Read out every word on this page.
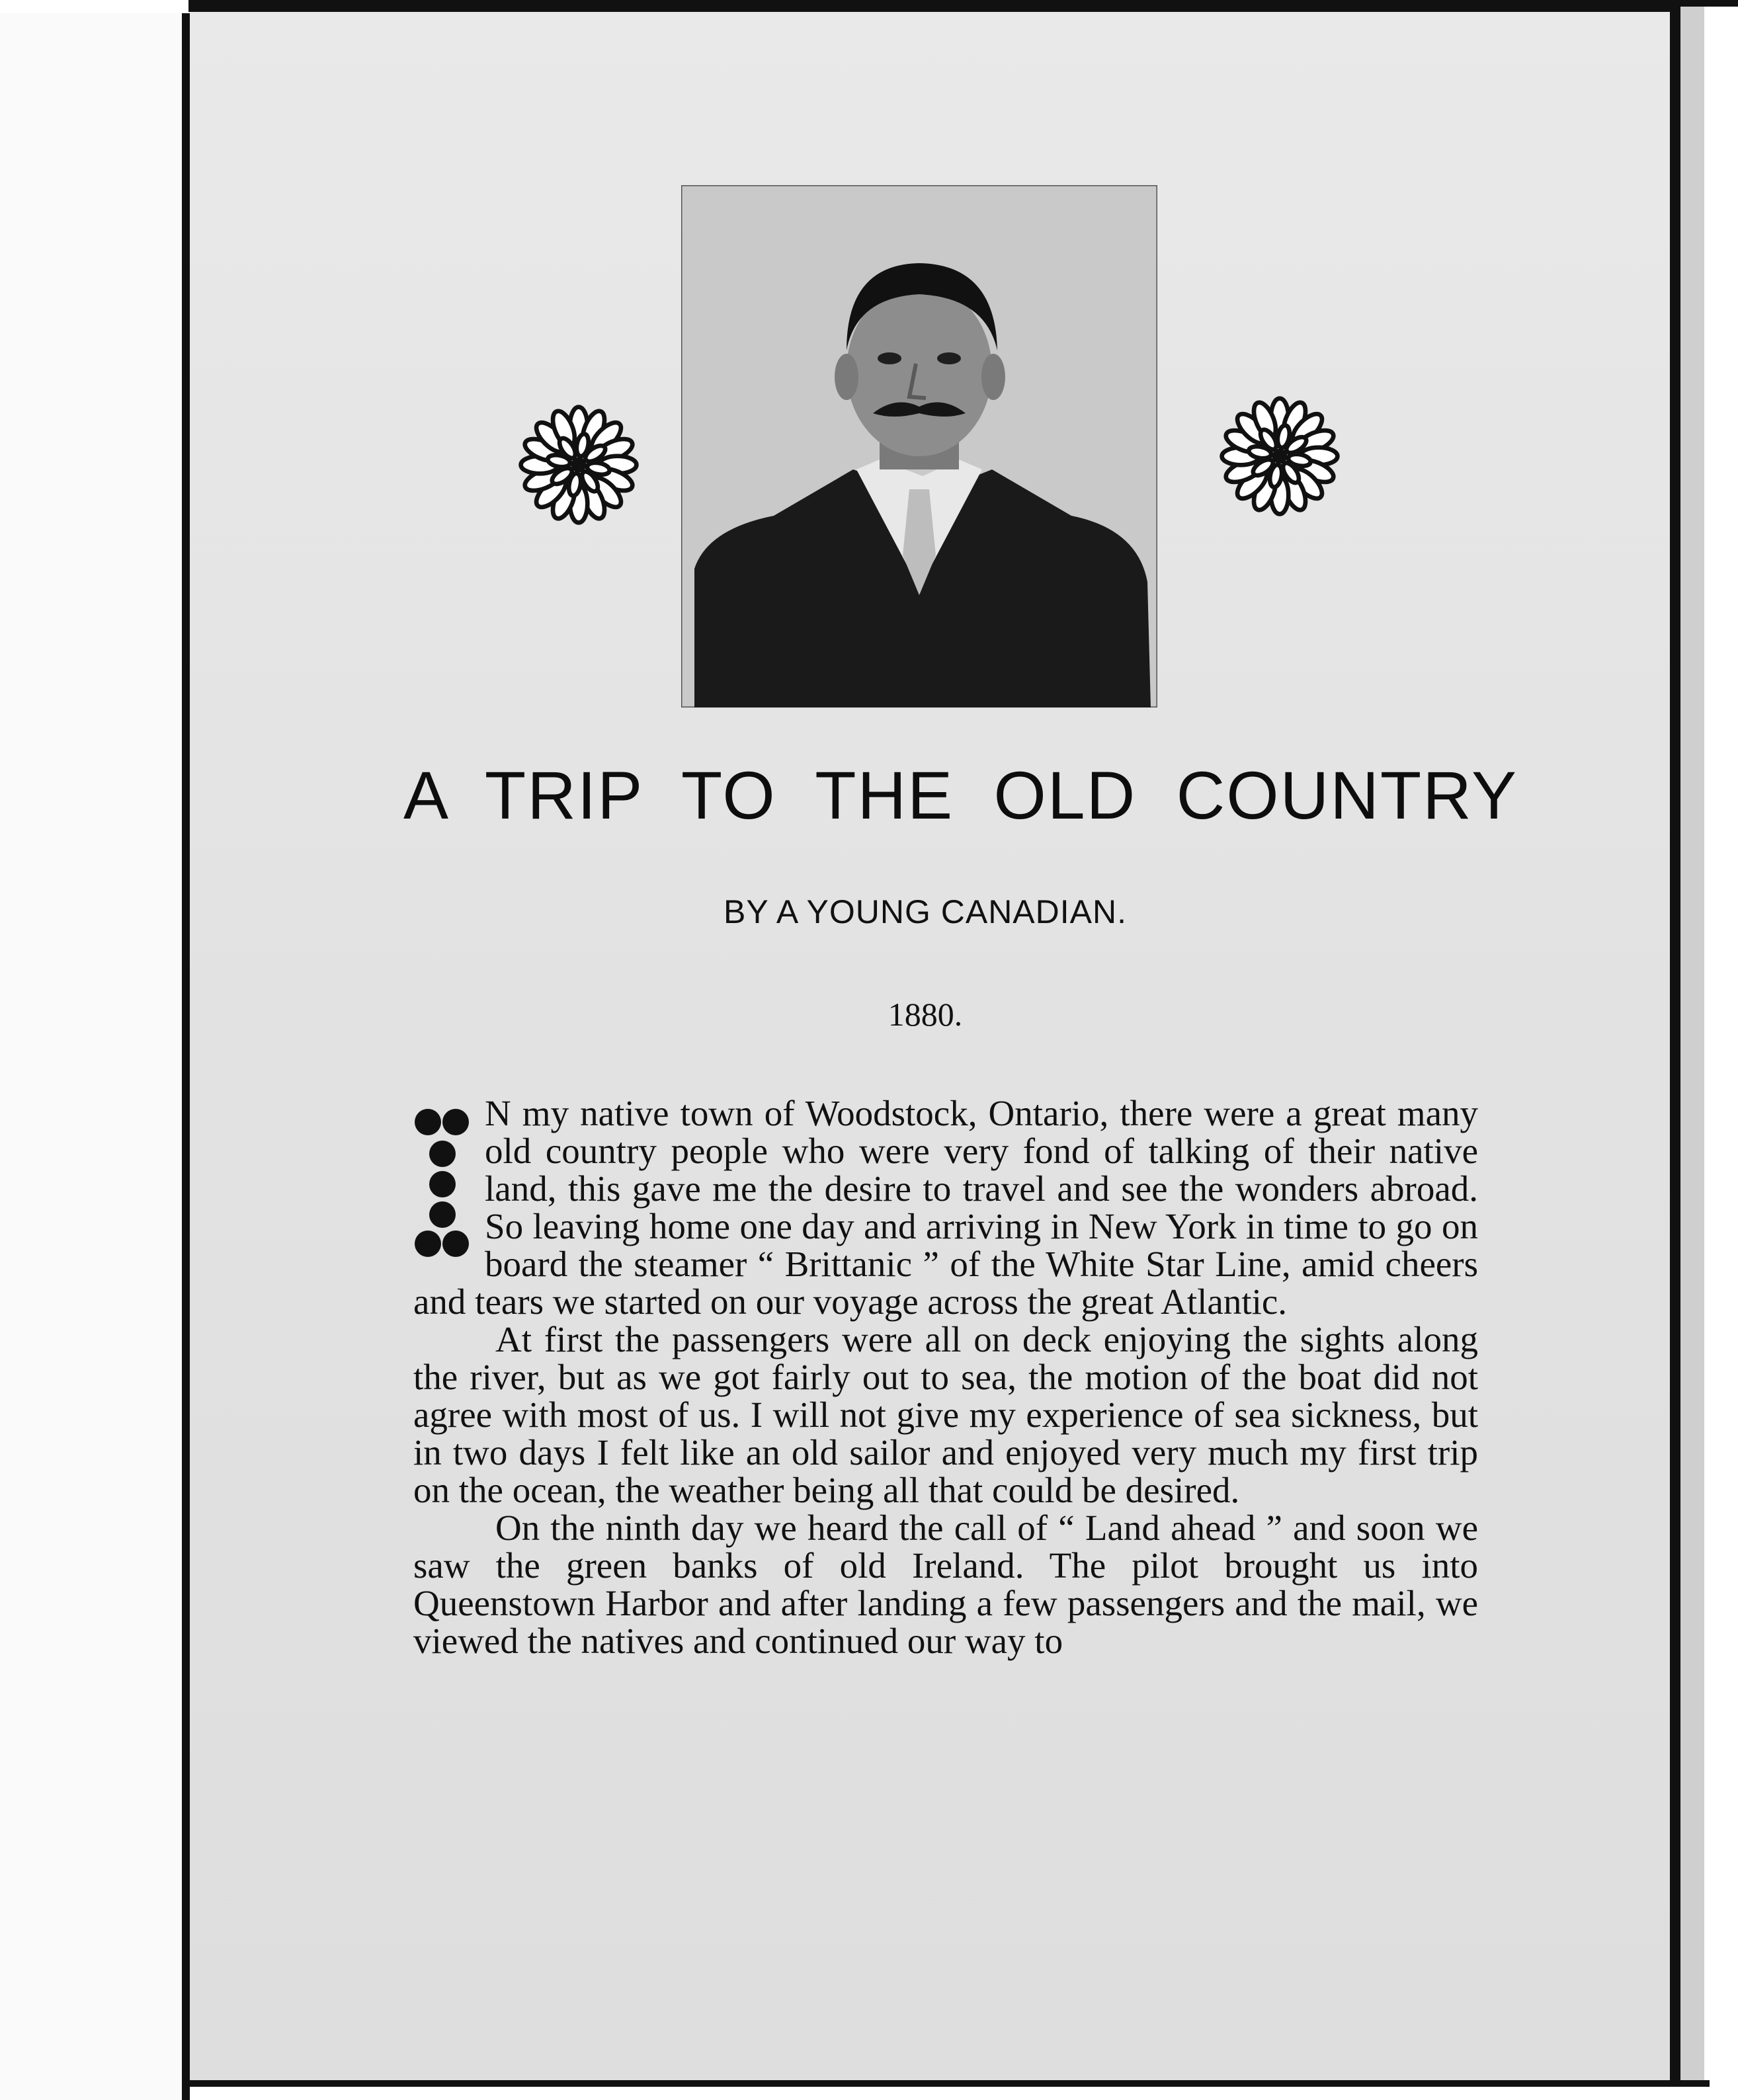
A TRIP TO THE OLD COUNTRY
BY A YOUNG CANADIAN.
1880.

N my native town of Woodstock, Ontario, there were a great many old country people who were very fond of talking of their native land, this gave me the desire to travel and see the wonders abroad. So leaving home one day and arriving in New York in time to go on board the steamer “ Brittanic ” of the White Star Line, amid cheers and tears we started on our voyage across the great Atlantic.

At first the passengers were all on deck enjoying the sights along the river, but as we got fairly out to sea, the motion of the boat did not agree with most of us. I will not give my experience of sea sickness, but in two days I felt like an old sailor and enjoyed very much my first trip on the ocean, the weather being all that could be desired.

On the ninth day we heard the call of “ Land ahead ” and soon we saw the green banks of old Ireland. The pilot brought us into Queenstown Harbor and after landing a few passengers and the mail, we viewed the natives and continued our way to
